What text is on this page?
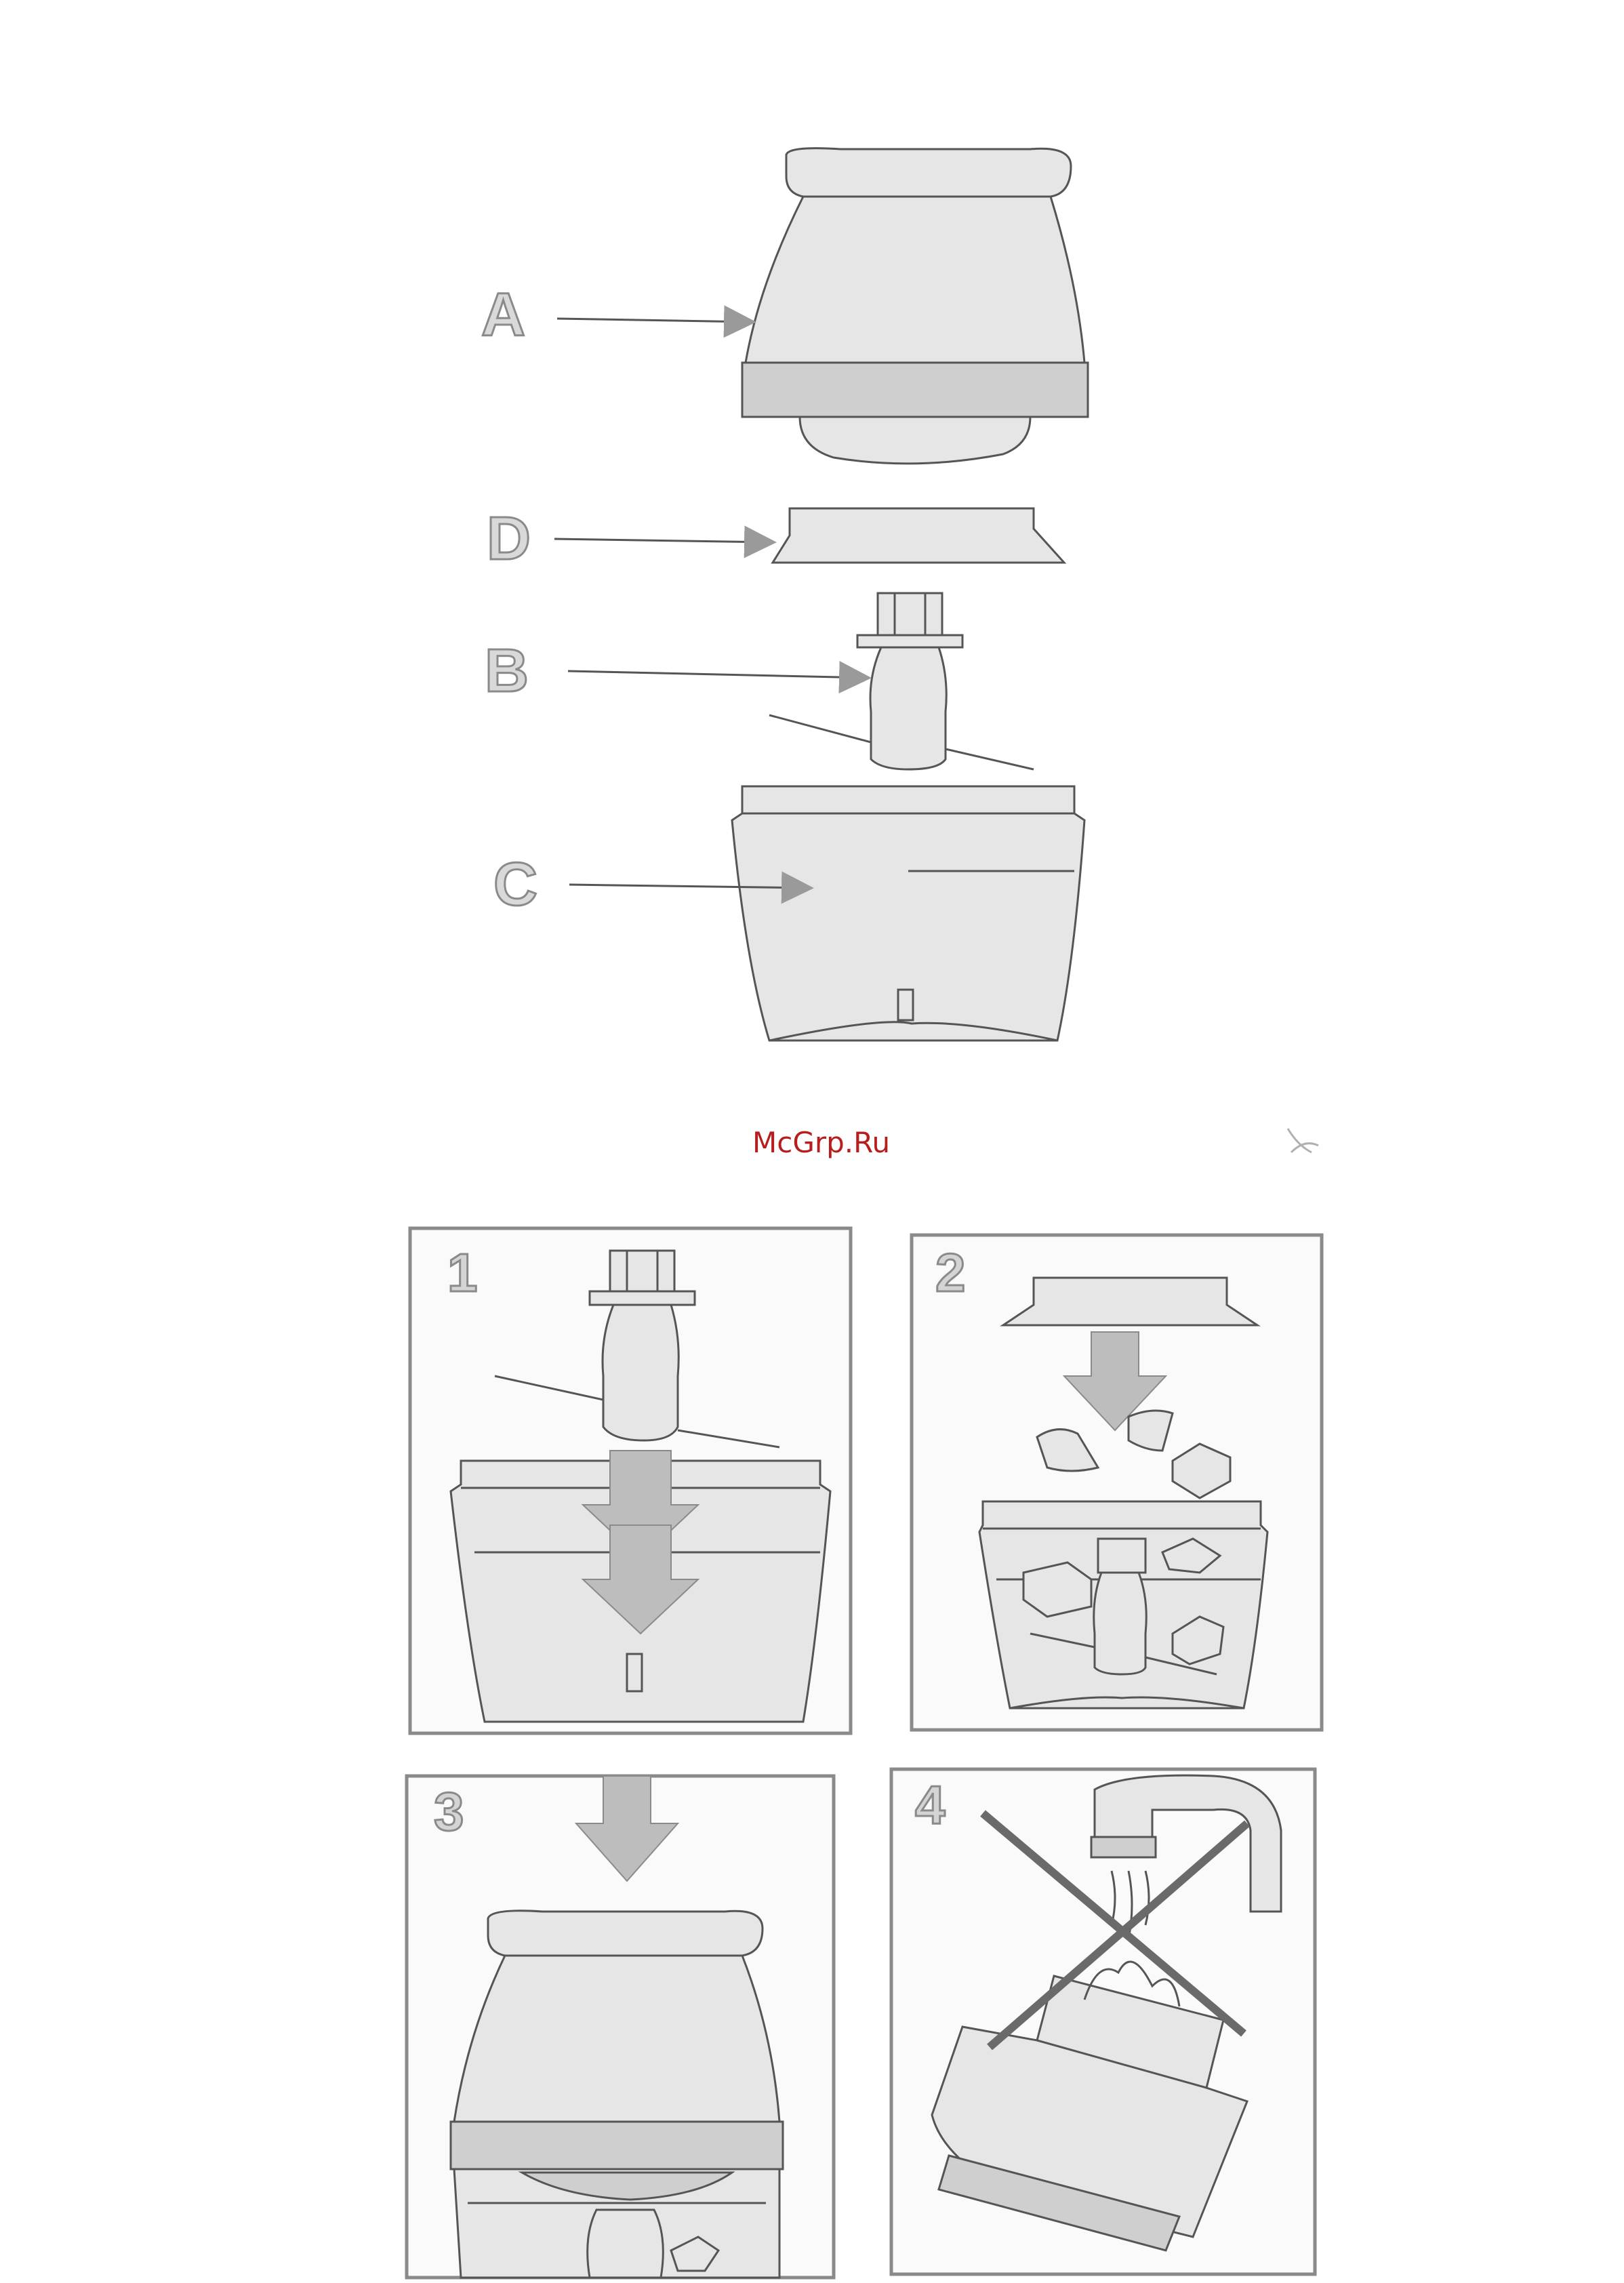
A
D
B
C
McGrp.Ru
1	2
3	4
